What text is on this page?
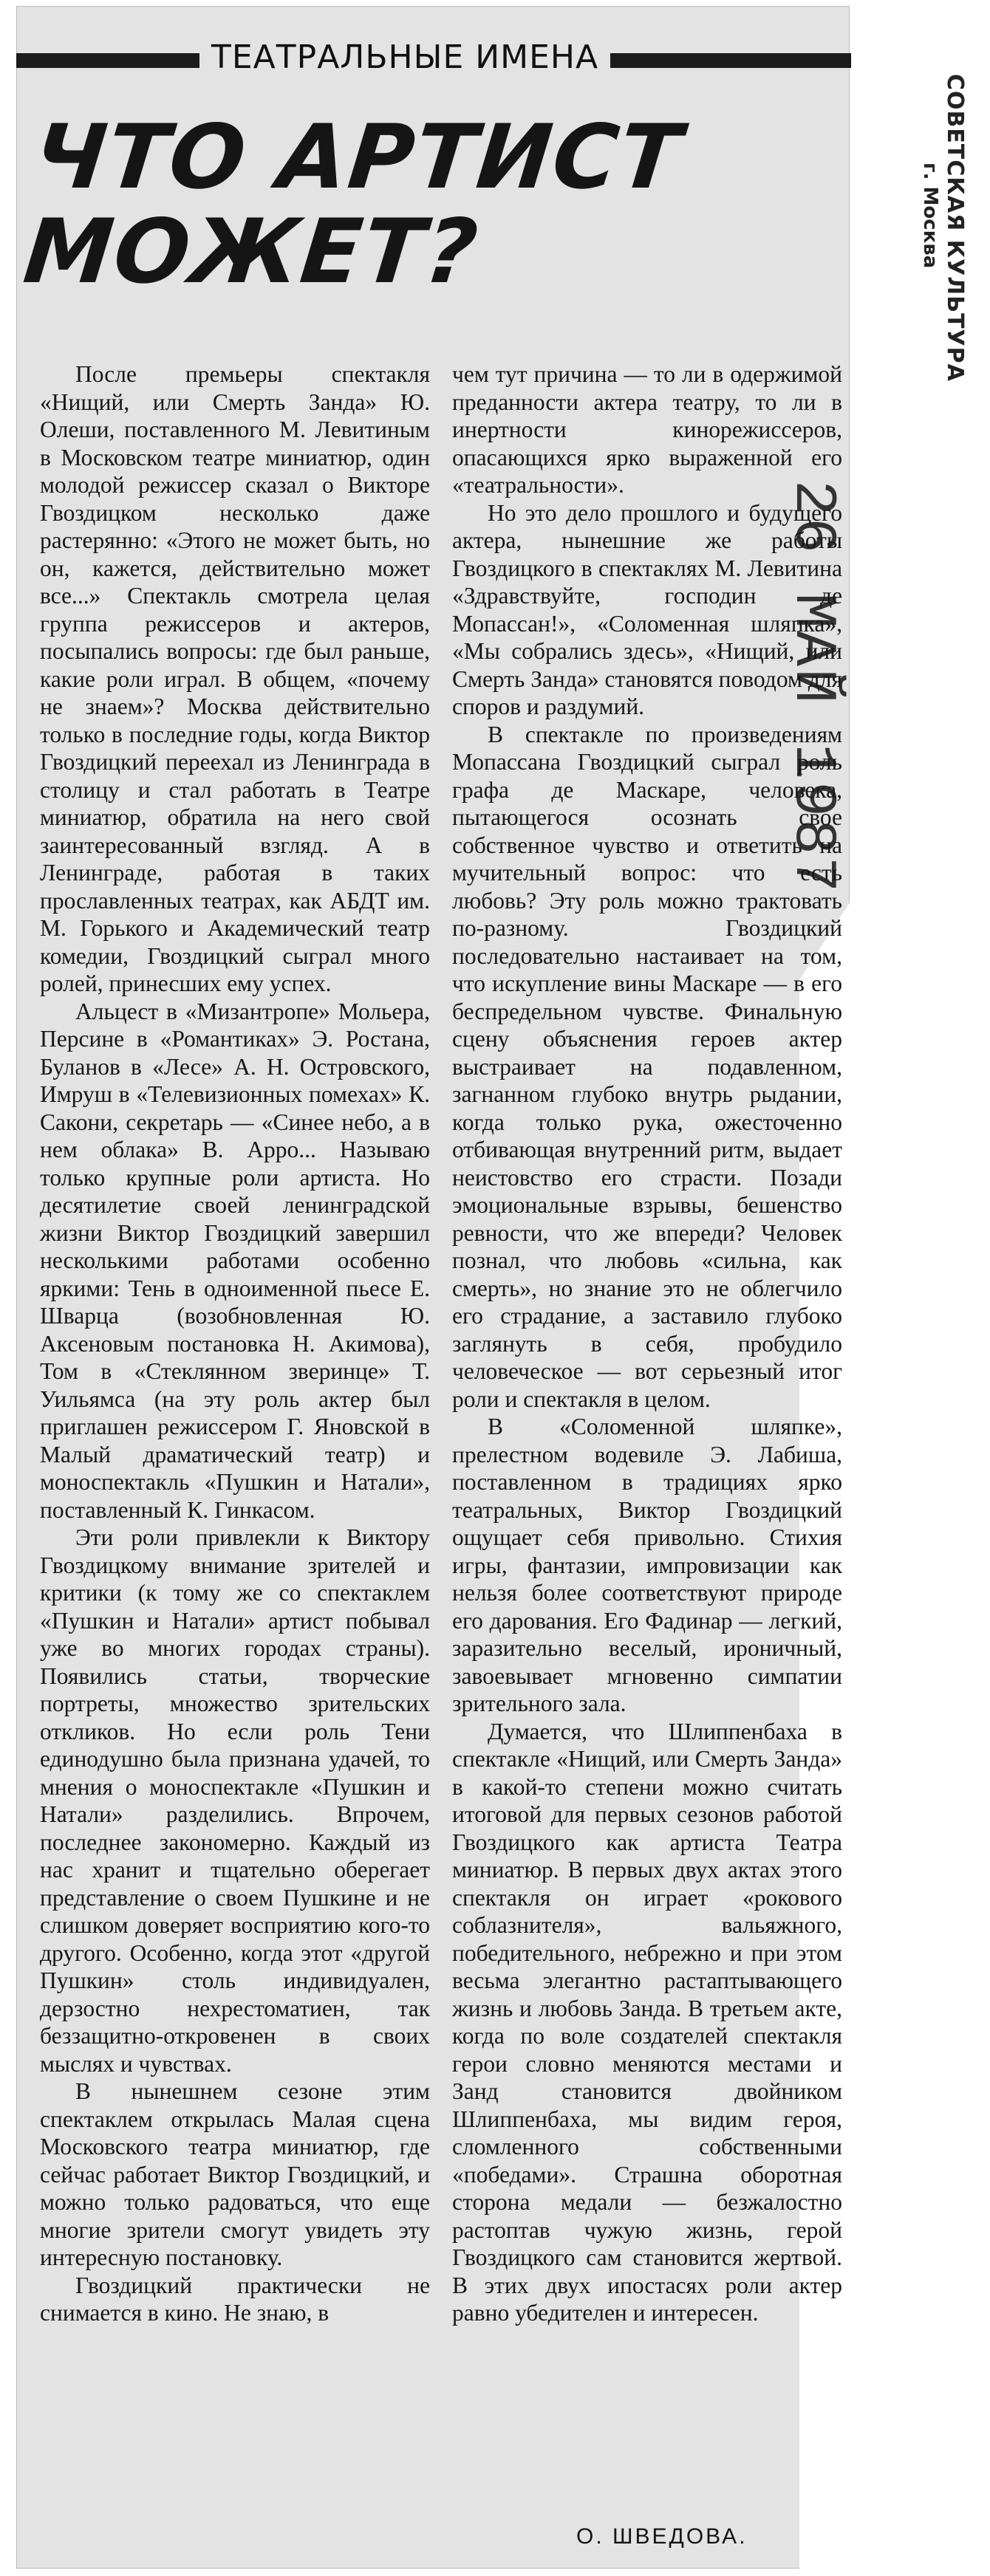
ТЕАТРАЛЬНЫЕ ИМЕНА
ЧТО АРТИСТ МОЖЕТ?	СОВЕТСКАЯ КУЛЬТУРА
г. Москва
26 МАЙ 1987

После премьеры спектакля «Нищий, или Смерть Занда» Ю. Олеши, поставленного М. Левитиным в Московском театре миниатюр, один молодой режиссер сказал о Викторе Гвоздицком несколько даже растерянно: «Этого не может быть, но он, кажется, действительно может все...» Спектакль смотрела целая группа режиссеров и актеров, посыпались вопросы: где был раньше, какие роли играл. В общем, «почему не знаем»? Москва действительно только в последние годы, когда Виктор Гвоздицкий переехал из Ленинграда в столицу и стал работать в Театре миниатюр, обратила на него свой заинтересованный взгляд. А в Ленинграде, работая в таких прославленных театрах, как АБДТ им. М. Горького и Академический театр комедии, Гвоздицкий сыграл много ролей, принесших ему успех.

Альцест в «Мизантропе» Мольера, Персине в «Романтиках» Э. Ростана, Буланов в «Лесе» А. Н. Островского, Имруш в «Телевизионных помехах» К. Сакони, секретарь — «Синее небо, а в нем облака» В. Арро... Называю только крупные роли артиста. Но десятилетие своей ленинградской жизни Виктор Гвоздицкий завершил несколькими работами особенно яркими: Тень в одноименной пьесе Е. Шварца (возобновленная Ю. Аксеновым постановка Н. Акимова), Том в «Стеклянном зверинце» Т. Уильямса (на эту роль актер был приглашен режиссером Г. Яновской в Малый драматический театр) и моноспектакль «Пушкин и Натали», поставленный К. Гинкасом.

Эти роли привлекли к Виктору Гвоздицкому внимание зрителей и критики (к тому же со спектаклем «Пушкин и Натали» артист побывал уже во многих городах страны). Появились статьи, творческие портреты, множество зрительских откликов. Но если роль Тени единодушно была признана удачей, то мнения о моноспектакле «Пушкин и Натали» разделились. Впрочем, последнее закономерно. Каждый из нас хранит и тщательно оберегает представление о своем Пушкине и не слишком доверяет восприятию кого-то другого. Особенно, когда этот «другой Пушкин» столь индивидуален, дерзостно нехрестоматиен, так беззащитно-откровенен в своих мыслях и чувствах.

В нынешнем сезоне этим спектаклем открылась Малая сцена Московского театра миниатюр, где сейчас работает Виктор Гвоздицкий, и можно только радоваться, что еще многие зрители смогут увидеть эту интересную постановку.

Гвоздицкий практически не снимается в кино. Не знаю, в

чем тут причина — то ли в одержимой преданности актера театру, то ли в инертности кинорежиссеров, опасающихся ярко выраженной его «театральности».

Но это дело прошлого и будущего актера, нынешние же работы Гвоздицкого в спектаклях М. Левитина «Здравствуйте, господин де Мопассан!», «Соломенная шляпка», «Мы собрались здесь», «Нищий, или Смерть Занда» становятся поводом для споров и раздумий.

В спектакле по произведениям Мопассана Гвоздицкий сыграл роль графа де Маскаре, человека, пытающегося осознать свое собственное чувство и ответить на мучительный вопрос: что есть любовь? Эту роль можно трактовать по-разному. Гвоздицкий последовательно настаивает на том, что искупление вины Маскаре — в его беспредельном чувстве. Финальную сцену объяснения героев актер выстраивает на подавленном, загнанном глубоко внутрь рыдании, когда только рука, ожесточенно отбивающая внутренний ритм, выдает неистовство его страсти. Позади эмоциональные взрывы, бешенство ревности, что же впереди? Человек познал, что любовь «сильна, как смерть», но знание это не облегчило его страдание, а заставило глубоко заглянуть в себя, пробудило человеческое — вот серьезный итог роли и спектакля в целом.

В «Соломенной шляпке», прелестном водевиле Э. Лабиша, поставленном в традициях ярко театральных, Виктор Гвоздицкий ощущает себя привольно. Стихия игры, фантазии, импровизации как нельзя более соответствуют природе его дарования. Его Фадинар — легкий, заразительно веселый, ироничный, завоевывает мгновенно симпатии зрительного зала.

Думается, что Шлиппенбаха в спектакле «Нищий, или Смерть Занда» в какой-то степени можно считать итоговой для первых сезонов работой Гвоздицкого как артиста Театра миниатюр. В первых двух актах этого спектакля он играет «рокового соблазнителя», вальяжного, победительного, небрежно и при этом весьма элегантно растаптывающего жизнь и любовь Занда. В третьем акте, когда по воле создателей спектакля герои словно меняются местами и Занд становится двойником Шлиппенбаха, мы видим героя, сломленного собственными «победами». Страшна оборотная сторона медали — безжалостно растоптав чужую жизнь, герой Гвоздицкого сам становится жертвой. В этих двух ипостасях роли актер равно убедителен и интересен.

О. ШВЕДОВА.
